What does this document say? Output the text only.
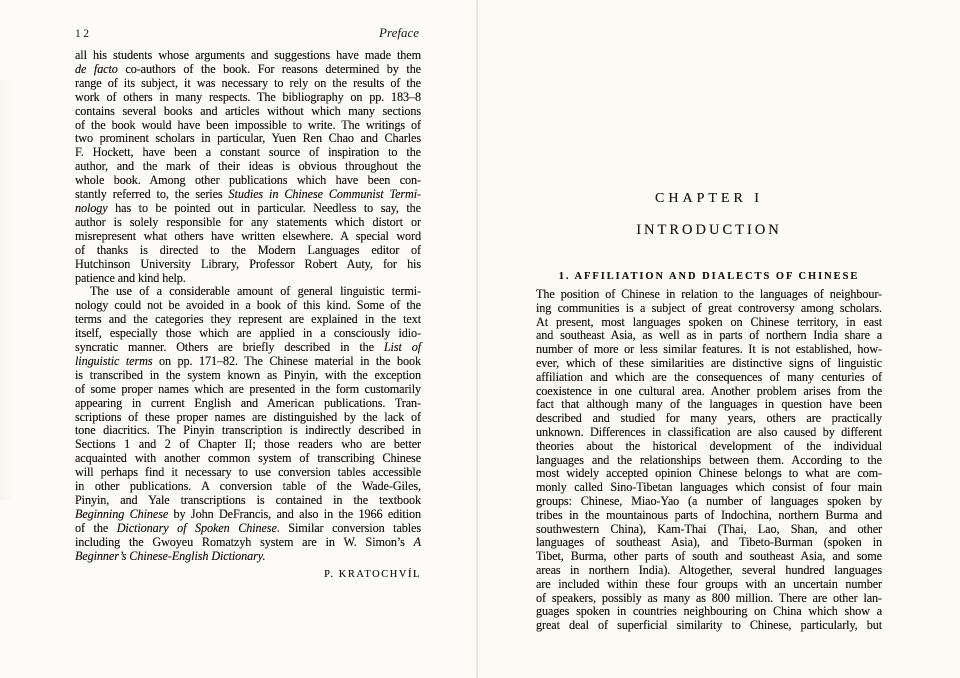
12	Preface
all his students whose arguments and suggestions have made them
de facto co-authors of the book. For reasons determined by the
range of its subject, it was necessary to rely on the results of the
work of others in many respects. The bibliography on pp. 183–8
contains several books and articles without which many sections
of the book would have been impossible to write. The writings of
two prominent scholars in particular, Yuen Ren Chao and Charles
F. Hockett, have been a constant source of inspiration to the
author, and the mark of their ideas is obvious throughout the
whole book. Among other publications which have been con-
stantly referred to, the series Studies in Chinese Communist Termi-
nology has to be pointed out in particular. Needless to say, the
author is solely responsible for any statements which distort or
misrepresent what others have written elsewhere. A special word
of thanks is directed to the Modern Languages editor of
Hutchinson University Library, Professor Robert Auty, for his
patience and kind help.
The use of a considerable amount of general linguistic termi-
nology could not be avoided in a book of this kind. Some of the
terms and the categories they represent are explained in the text
itself, especially those which are applied in a consciously idio-
syncratic manner. Others are briefly described in the List of
linguistic terms on pp. 171–82. The Chinese material in the book
is transcribed in the system known as Pinyin, with the exception
of some proper names which are presented in the form customarily
appearing in current English and American publications. Tran-
scriptions of these proper names are distinguished by the lack of
tone diacritics. The Pinyin transcription is indirectly described in
Sections 1 and 2 of Chapter II; those readers who are better
acquainted with another common system of transcribing Chinese
will perhaps find it necessary to use conversion tables accessible
in other publications. A conversion table of the Wade-Giles,
Pinyin, and Yale transcriptions is contained in the textbook
Beginning Chinese by John DeFrancis, and also in the 1966 edition
of the Dictionary of Spoken Chinese. Similar conversion tables
including the Gwoyeu Romatzyh system are in W. Simon’s A
Beginner’s Chinese-English Dictionary.
P. KRATOCHVÍL
CHAPTER I
INTRODUCTION
1. AFFILIATION AND DIALECTS OF CHINESE
The position of Chinese in relation to the languages of neighbour-
ing communities is a subject of great controversy among scholars.
At present, most languages spoken on Chinese territory, in east
and southeast Asia, as well as in parts of northern India share a
number of more or less similar features. It is not established, how-
ever, which of these similarities are distinctive signs of linguistic
affiliation and which are the consequences of many centuries of
coexistence in one cultural area. Another problem arises from the
fact that although many of the languages in question have been
described and studied for many years, others are practically
unknown. Differences in classification are also caused by different
theories about the historical development of the individual
languages and the relationships between them. According to the
most widely accepted opinion Chinese belongs to what are com-
monly called Sino-Tibetan languages which consist of four main
groups: Chinese, Miao-Yao (a number of languages spoken by
tribes in the mountainous parts of Indochina, northern Burma and
southwestern China), Kam-Thai (Thai, Lao, Shan, and other
languages of southeast Asia), and Tibeto-Burman (spoken in
Tibet, Burma, other parts of south and southeast Asia, and some
areas in northern India). Altogether, several hundred languages
are included within these four groups with an uncertain number
of speakers, possibly as many as 800 million. There are other lan-
guages spoken in countries neighbouring on China which show a
great deal of superficial similarity to Chinese, particularly, but
